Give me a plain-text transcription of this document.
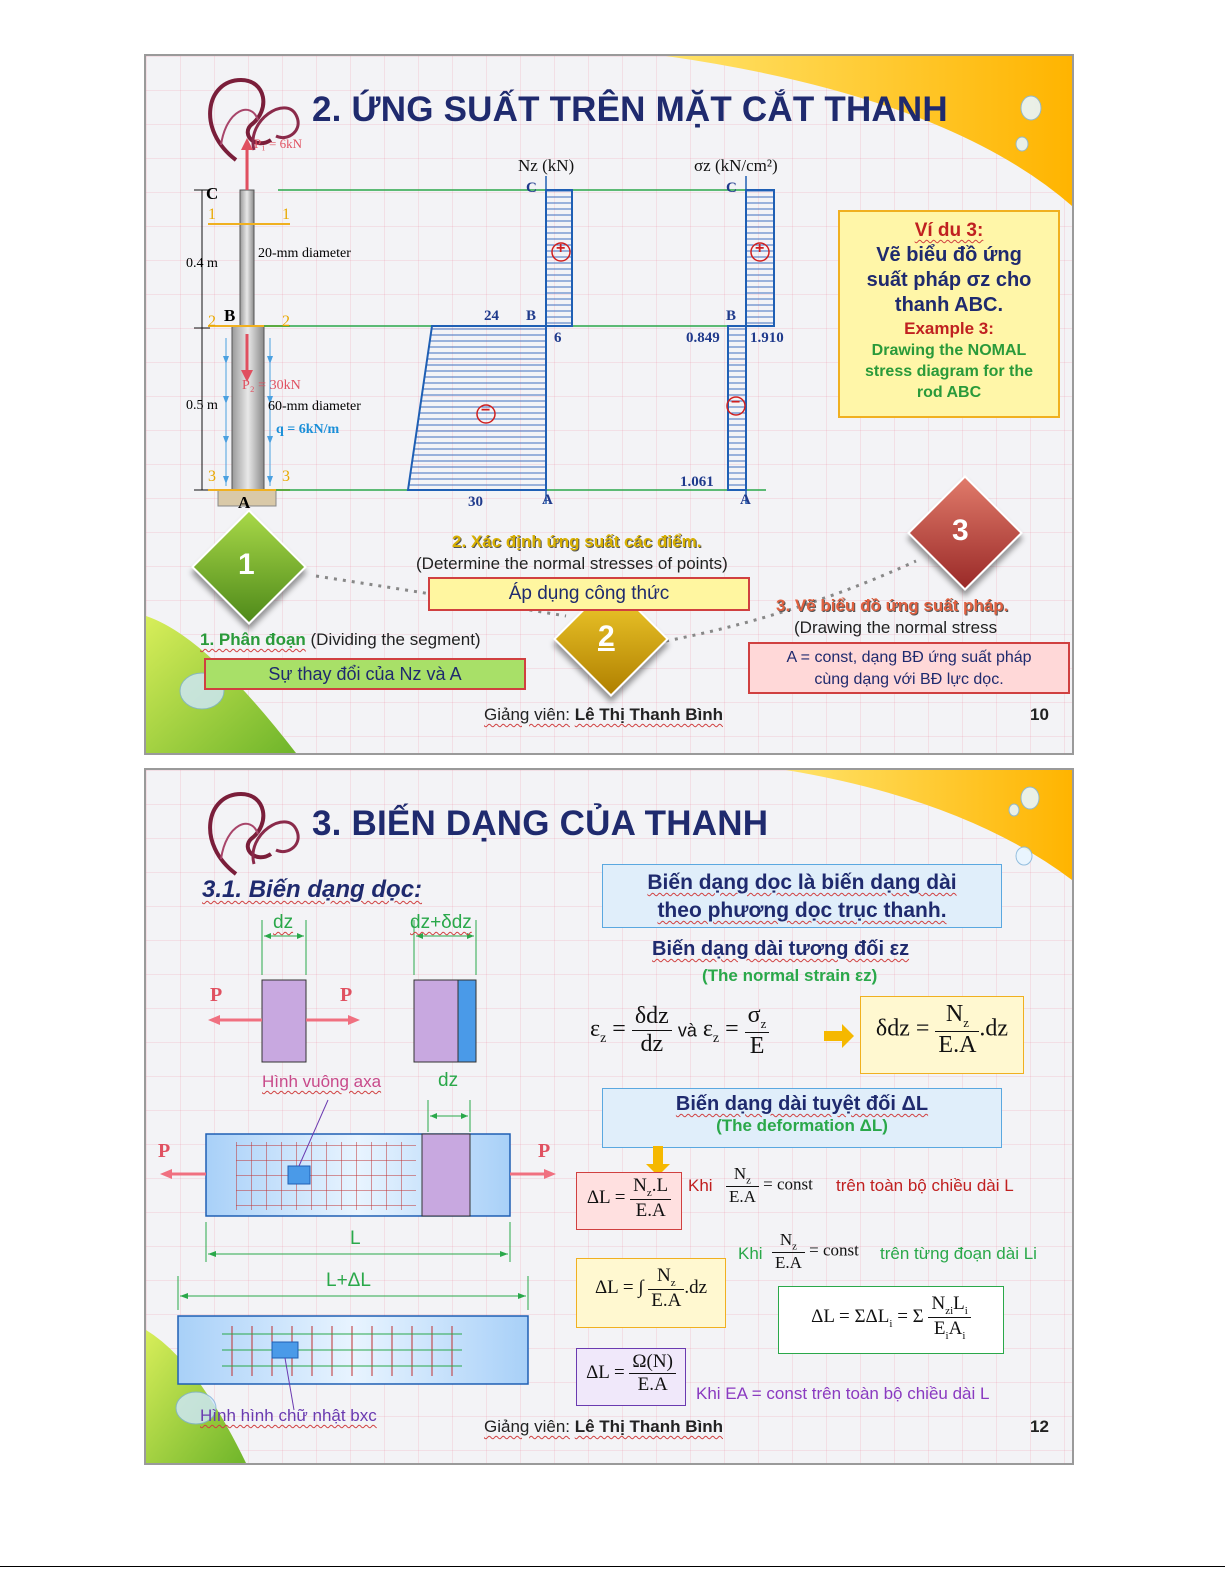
2. ỨNG SUẤT TRÊN MẶT CẮT THANH
C
B
A
P₁ = 6kN
P₂ = 30kN
q = 6kN/m
0.4 m
0.5 m
20-mm diameter
60-mm diameter
1	1
2	2
3	3
Nz (kN)	σz (kN/cm²)
C
B
A
C
B
A
24
6
30
0.849 1.910
1.061
+
−
+
−
Ví du 3:
Vẽ biểu đồ ứng
suất pháp σz cho
thanh ABC.
Example 3:
Drawing the NOMAL
stress diagram for the
rod ABC
1
2
3
1. Phân đoạn (Dividing the segment)
Sự thay đổi của Nz và A
2. Xác định ứng suất các điểm.
(Determine the normal stresses of points)
Áp dụng công thức
3. Vẽ biểu đồ ứng suất pháp.
(Drawing the normal stress
A = const, dạng BĐ ứng suất pháp
cùng dạng với BĐ lực dọc.
Giảng viên: Lê Thị Thanh Bình	10
3. BIẾN DẠNG CỦA THANH
3.1. Biến dạng dọc:
dz	dz+δdz
dz
P	P
P	P
Hình vuông axa
L
L+ΔL
Hình hình chữ nhật bxc
Biến dạng dọc là biến dạng dài
theo phương dọc trục thanh.
Biến dạng dài tương đối εz
(The normal strain εz)
$\varepsilon_z = \frac{\text{δdz}}{dz}$ và $\varepsilon_z = \frac{\sigma_z}{E}$	$\delta dz = \frac{N_z}{E.A} .dz$
Biến dạng dài tuyệt đối ΔL
(The deformation ΔL)
$\Delta L = \frac{N_z.L}{E.A}$ Khi $\frac{N_z}{E.A}$ = const trên toàn bộ chiều dài L
ΔL = ∫ $\frac{N_z}{E.A} .dz$
Khi $\frac{N_z}{E.A}$ = const trên từng đoạn dài Li
$\Delta L = \Sigma\Delta L_i = \Sigma \frac{N_{zi}L_i}{E_iA_i}$
$\Delta L = \frac{\Omega(N)}{E.A}$ Khi EA = const trên toàn bộ chiều dài L
Giảng viên: Lê Thị Thanh Bình	12
